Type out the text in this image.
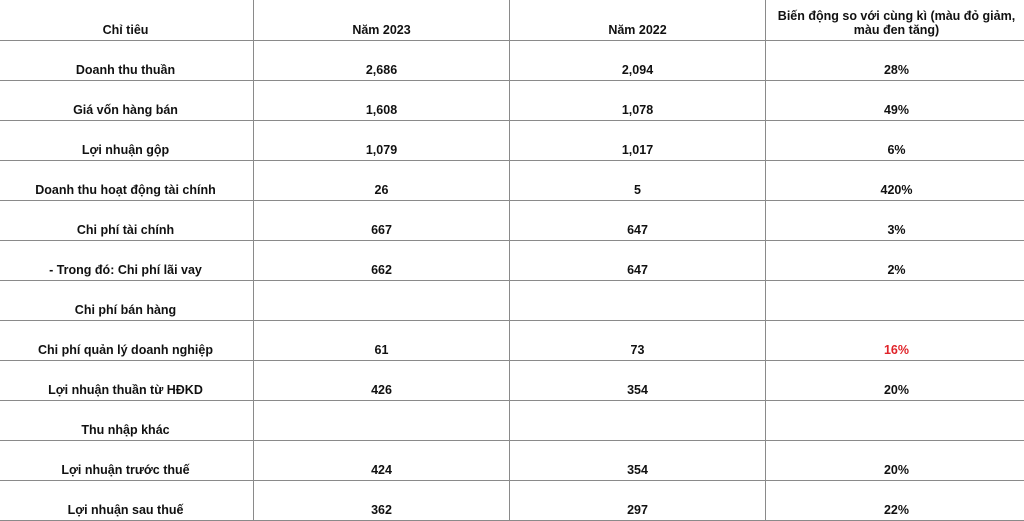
Chỉ tiêu	Năm 2023	Năm 2022	Biến động so với cùng kì (màu đỏ giảm, màu đen tăng)
Doanh thu thuần	2,686	2,094	28%
Giá vốn hàng bán	1,608	1,078	49%
Lợi nhuận gộp	1,079	1,017	6%
Doanh thu hoạt động tài chính	26	5	420%
Chi phí tài chính	667	647	3%
- Trong đó: Chi phí lãi vay	662	647	2%
Chi phí bán hàng			
Chi phí quản lý doanh nghiệp	61	73	16%
Lợi nhuận thuần từ HĐKD	426	354	20%
Thu nhập khác			
Lợi nhuận trước thuế	424	354	20%
Lợi nhuận sau thuế	362	297	22%
